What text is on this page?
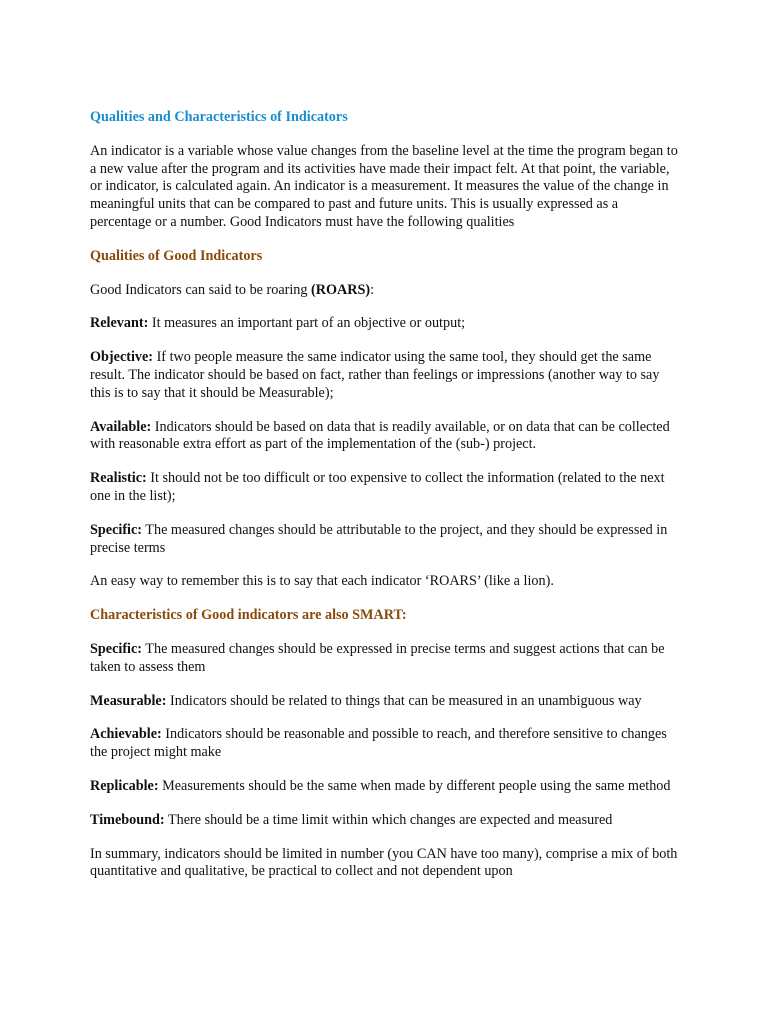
Qualities and Characteristics of Indicators

An indicator is a variable whose value changes from the baseline level at the time the program began to a new value after the program and its activities have made their impact felt. At that point, the variable, or indicator, is calculated again. An indicator is a measurement. It measures the value of the change in meaningful units that can be compared to past and future units. This is usually expressed as a percentage or a number. Good Indicators must have the following qualities

Qualities of Good Indicators

Good Indicators can said to be roaring (ROARS):

Relevant: It measures an important part of an objective or output;

Objective: If two people measure the same indicator using the same tool, they should get the same result. The indicator should be based on fact, rather than feelings or impressions (another way to say this is to say that it should be Measurable);

Available: Indicators should be based on data that is readily available, or on data that can be collected with reasonable extra effort as part of the implementation of the (sub-) project.

Realistic: It should not be too difficult or too expensive to collect the information (related to the next one in the list);

Specific: The measured changes should be attributable to the project, and they should be expressed in precise terms

An easy way to remember this is to say that each indicator ‘ROARS’ (like a lion).

Characteristics of Good indicators are also SMART:

Specific: The measured changes should be expressed in precise terms and suggest actions that can be taken to assess them

Measurable: Indicators should be related to things that can be measured in an unambiguous way

Achievable: Indicators should be reasonable and possible to reach, and therefore sensitive to changes the project might make

Replicable: Measurements should be the same when made by different people using the same method

Timebound: There should be a time limit within which changes are expected and measured

In summary, indicators should be limited in number (you CAN have too many), comprise a mix of both quantitative and qualitative, be practical to collect and not dependent upon
